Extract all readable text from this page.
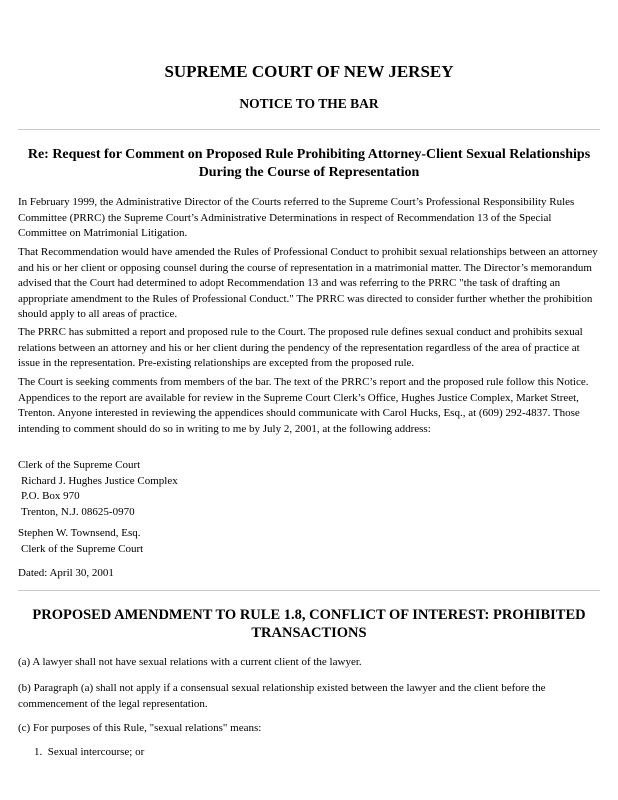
SUPREME COURT OF NEW JERSEY
NOTICE TO THE BAR
Re: Request for Comment on Proposed Rule Prohibiting Attorney-Client Sexual Relationships
During the Course of Representation

In February 1999, the Administrative Director of the Courts referred to the Supreme Court’s Professional Responsibility Rules Committee (PRRC) the Supreme Court’s Administrative Determinations in respect of Recommendation 13 of the Special Committee on Matrimonial Litigation.

That Recommendation would have amended the Rules of Professional Conduct to prohibit sexual relationships between an attorney and his or her client or opposing counsel during the course of representation in a matrimonial matter. The Director’s memorandum advised that the Court had determined to adopt Recommendation 13 and was referring to the PRRC "the task of drafting an appropriate amendment to the Rules of Professional Conduct." The PRRC was directed to consider further whether the prohibition should apply to all areas of practice.

The PRRC has submitted a report and proposed rule to the Court. The proposed rule defines sexual conduct and prohibits sexual relations between an attorney and his or her client during the pendency of the representation regardless of the area of practice at issue in the representation. Pre-existing relationships are excepted from the proposed rule.

The Court is seeking comments from members of the bar. The text of the PRRC’s report and the proposed rule follow this Notice. Appendices to the report are available for review in the Supreme Court Clerk’s Office, Hughes Justice Complex, Market Street, Trenton. Anyone interested in reviewing the appendices should communicate with Carol Hucks, Esq., at (609) 292-4837. Those intending to comment should do so in writing to me by July 2, 2001, at the following address:

Clerk of the Supreme Court
Richard J. Hughes Justice Complex
P.O. Box 970
Trenton, N.J. 08625-0970
Stephen W. Townsend, Esq.
Clerk of the Supreme Court
Dated: April 30, 2001
PROPOSED AMENDMENT TO RULE 1.8, CONFLICT OF INTEREST: PROHIBITED
TRANSACTIONS

(a) A lawyer shall not have sexual relations with a current client of the lawyer.

(b) Paragraph (a) shall not apply if a consensual sexual relationship existed between the lawyer and the client before the commencement of the legal representation.

(c) For purposes of this Rule, "sexual relations" means:

1.  Sexual intercourse; or
